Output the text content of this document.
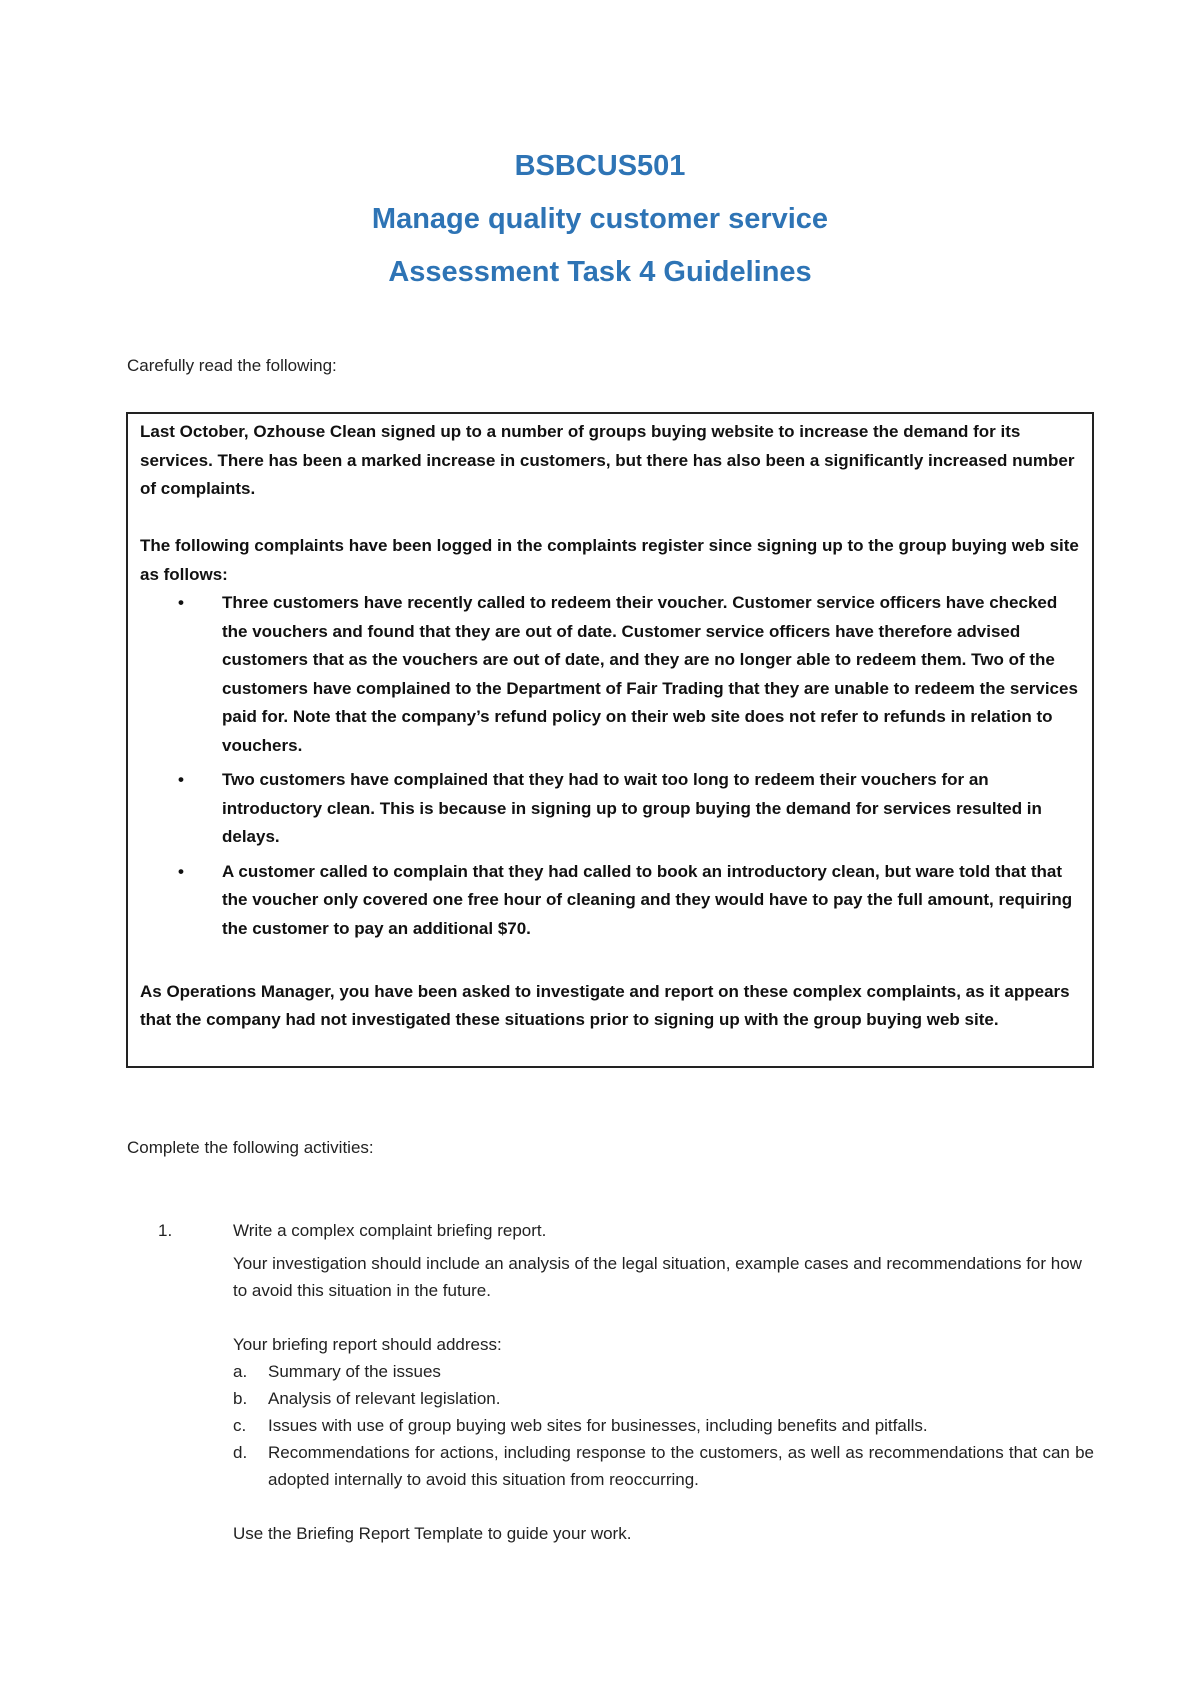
BSBCUS501
Manage quality customer service
Assessment Task 4 Guidelines
Carefully read the following:

Last October, Ozhouse Clean signed up to a number of groups buying website to increase the demand for its services. There has been a marked increase in customers, but there has also been a significantly increased number of complaints.

The following complaints have been logged in the complaints register since signing up to the group buying web site as follows:

• Three customers have recently called to redeem their voucher. Customer service officers have checked the vouchers and found that they are out of date. Customer service officers have therefore advised customers that as the vouchers are out of date, and they are no longer able to redeem them. Two of the customers have complained to the Department of Fair Trading that they are unable to redeem the services paid for. Note that the company’s refund policy on their web site does not refer to refunds in relation to vouchers.
• Two customers have complained that they had to wait too long to redeem their vouchers for an introductory clean. This is because in signing up to group buying the demand for services resulted in delays.
• A customer called to complain that they had called to book an introductory clean, but ware told that that the voucher only covered one free hour of cleaning and they would have to pay the full amount, requiring the customer to pay an additional $70.

As Operations Manager, you have been asked to investigate and report on these complex complaints, as it appears that the company had not investigated these situations prior to signing up with the group buying web site.

Complete the following activities:
1.	Write a complex complaint briefing report.

Your investigation should include an analysis of the legal situation, example cases and recommendations for how to avoid this situation in the future.

Your briefing report should address:

a. Summary of the issues
b. Analysis of relevant legislation.
c. Issues with use of group buying web sites for businesses, including benefits and pitfalls.
d. Recommendations for actions, including response to the customers, as well as recommendations that can be adopted internally to avoid this situation from reoccurring.

Use the Briefing Report Template to guide your work.
